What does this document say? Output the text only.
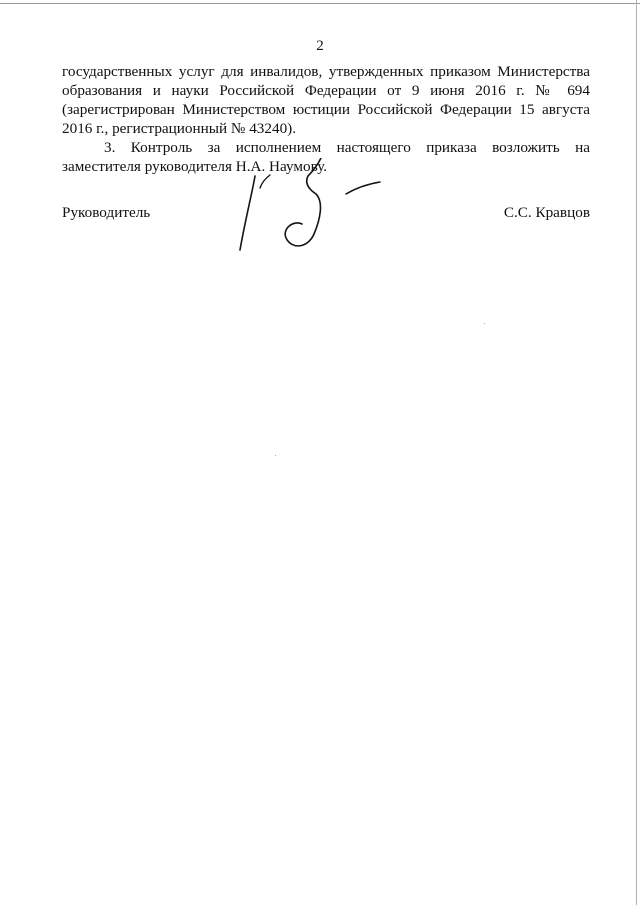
2

государственных услуг для инвалидов, утвержденных приказом Министерства образования и науки Российской Федерации от 9 июня 2016 г. № 694 (зарегистрирован Министерством юстиции Российской Федерации 15 августа 2016 г., регистрационный № 43240).

3. Контроль за исполнением настоящего приказа возложить на заместителя руководителя Н.А. Наумову.

Руководитель	С.С. Кравцов
